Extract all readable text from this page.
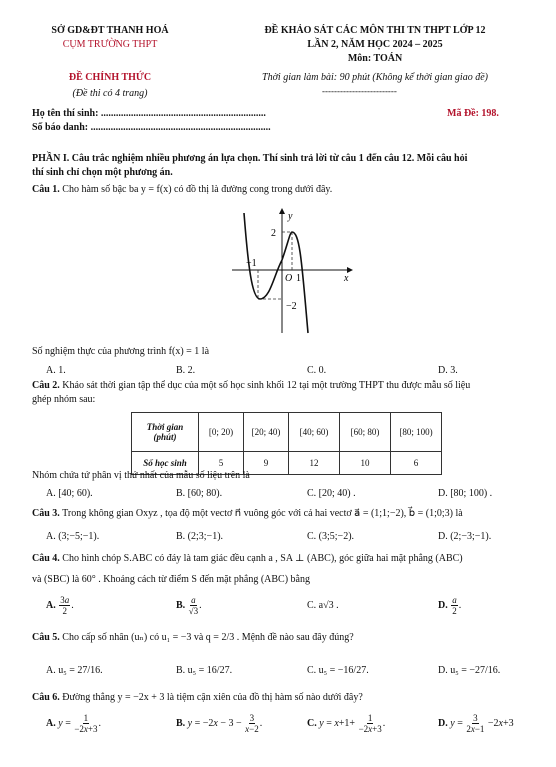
SỞ GD&ĐT THANH HOÁ
CỤM TRƯỜNG THPT
ĐỀ KHẢO SÁT CÁC MÔN THI TN THPT LỚP 12
LẦN 2, NĂM HỌC 2024 – 2025
Môn: TOÁN
ĐỀ CHÍNH THỨC
(Đề thi có 4 trang)
Thời gian làm bài: 90 phút (Không kể thời gian giao đề)
-------------------------
Họ tên thí sinh: ..................................................................
Số báo danh: ........................................................................
Mã Đề: 198.
PHẦN I. Câu trắc nghiệm nhiều phương án lựa chọn. Thí sinh trả lời từ câu 1 đến câu 12. Mỗi câu hỏi
thí sinh chỉ chọn một phương án.
Câu 1. Cho hàm số bậc ba y = f(x) có đồ thị là đường cong trong dưới đây.
y
x
O
2
−1
1
−2
Số nghiệm thực của phương trình f(x) = 1 là
A. 1.	B. 2.	C. 0.	D. 3.
Câu 2. Khảo sát thời gian tập thể dục của một số học sinh khối 12 tại một trường THPT thu được mẫu số liệu
ghép nhóm sau:
Thời gian (phút)	[0; 20)	[20; 40)	[40; 60)	[60; 80)	[80; 100)
Số học sinh	5	9	12	10	6
Nhóm chứa tứ phân vị thứ nhất của mẫu số liệu trên là
A. [40; 60).	B. [60; 80).	C. [20; 40) .	D. [80; 100) .
Câu 3. Trong không gian Oxyz , tọa độ một vectơ n⃗ vuông góc với cả hai vectơ a⃗ = (1;1;−2), b⃗ = (1;0;3) là
A. (3;−5;−1).	B. (2;3;−1).	C. (3;5;−2).	D. (2;−3;−1).
Câu 4. Cho hình chóp S.ABC có đáy là tam giác đều cạnh a , SA ⊥ (ABC), góc giữa hai mặt phẳng (ABC)
và (SBC) là 60° . Khoảng cách từ điểm S đến mặt phẳng (ABC) bằng
A. $\frac{3a}{2}$ .	B. $\frac{a}{√3}$ .	C. a√3 .	D. $\frac{a}{2}$ .
Câu 5. Cho cấp số nhân (uₙ) có u₁ = −3 và q = 2/3 . Mệnh đề nào sau đây đúng?
A. u₅ = 27/16.	B. u₅ = 16/27.	C. u₅ = −16/27.	D. u₅ = −27/16.
Câu 6. Đường thẳng y = −2x + 3 là tiệm cận xiên của đồ thị hàm số nào dưới đây?
A. $y = \frac{1}{-2x+3}$ .	B. $y = -2x - 3 - \frac{3}{x-2}$ .	C. $y = x+1+ \frac{1}{-2x+3}$ .	D. $y = \frac{3}{2x-1} -2x+3$
